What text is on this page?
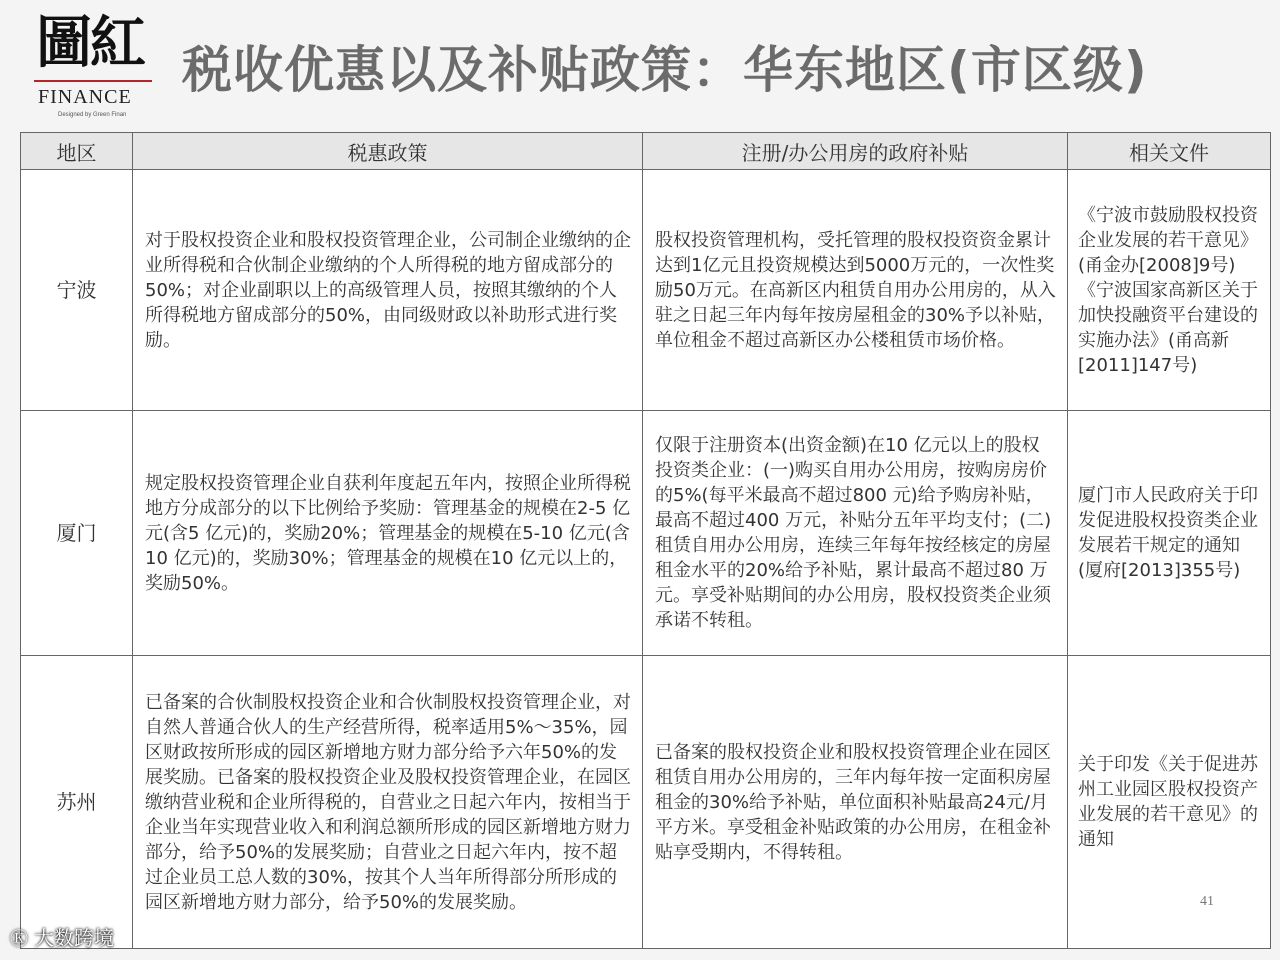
圖紅
FINANCE
Designed by Green Finan
税收优惠以及补贴政策：华东地区(市区级)
地区	税惠政策	注册/办公用房的政府补贴	相关文件
宁波	对于股权投资企业和股权投资管理企业，公司制企业缴纳的企业所得税和合伙制企业缴纳的个人所得税的地方留成部分的50%；对企业副职以上的高级管理人员，按照其缴纳的个人所得税地方留成部分的50%，由同级财政以补助形式进行奖励。	股权投资管理机构，受托管理的股权投资资金累计达到1亿元且投资规模达到5000万元的，一次性奖励50万元。在高新区内租赁自用办公用房的，从入驻之日起三年内每年按房屋租金的30%予以补贴，单位租金不超过高新区办公楼租赁市场价格。	《宁波市鼓励股权投资企业发展的若干意见》(甬金办[2008]9号)《宁波国家高新区关于加快投融资平台建设的实施办法》(甬高新[2011]147号)
厦门	规定股权投资管理企业自获利年度起五年内，按照企业所得税地方分成部分的以下比例给予奖励：管理基金的规模在2-5 亿元(含5 亿元)的，奖励20%；管理基金的规模在5-10 亿元(含10 亿元)的，奖励30%；管理基金的规模在10 亿元以上的，奖励50%。	仅限于注册资本(出资金额)在10 亿元以上的股权投资类企业：(一)购买自用办公用房，按购房房价的5%(每平米最高不超过800 元)给予购房补贴，最高不超过400 万元，补贴分五年平均支付；(二)租赁自用办公用房，连续三年每年按经核定的房屋租金水平的20%给予补贴，累计最高不超过80 万元。享受补贴期间的办公用房，股权投资类企业须承诺不转租。	厦门市人民政府关于印发促进股权投资类企业发展若干规定的通知(厦府[2013]355号)
苏州	已备案的合伙制股权投资企业和合伙制股权投资管理企业，对自然人普通合伙人的生产经营所得，税率适用5%～35%，园区财政按所形成的园区新增地方财力部分给予六年50%的发展奖励。已备案的股权投资企业及股权投资管理企业，在园区缴纳营业税和企业所得税的，自营业之日起六年内，按相当于企业当年实现营业收入和利润总额所形成的园区新增地方财力部分，给予50%的发展奖励；自营业之日起六年内，按不超过企业员工总人数的30%，按其个人当年所得部分所形成的园区新增地方财力部分，给予50%的发展奖励。	已备案的股权投资企业和股权投资管理企业在园区租赁自用办公用房的，三年内每年按一定面积房屋租金的30%给予补贴，单位面积补贴最高24元/月平方米。享受租金补贴政策的办公用房，在租金补贴享受期内，不得转租。	关于印发《关于促进苏州工业园区股权投资产业发展的若干意见》的通知
41
Ⓚ 大数跨境
